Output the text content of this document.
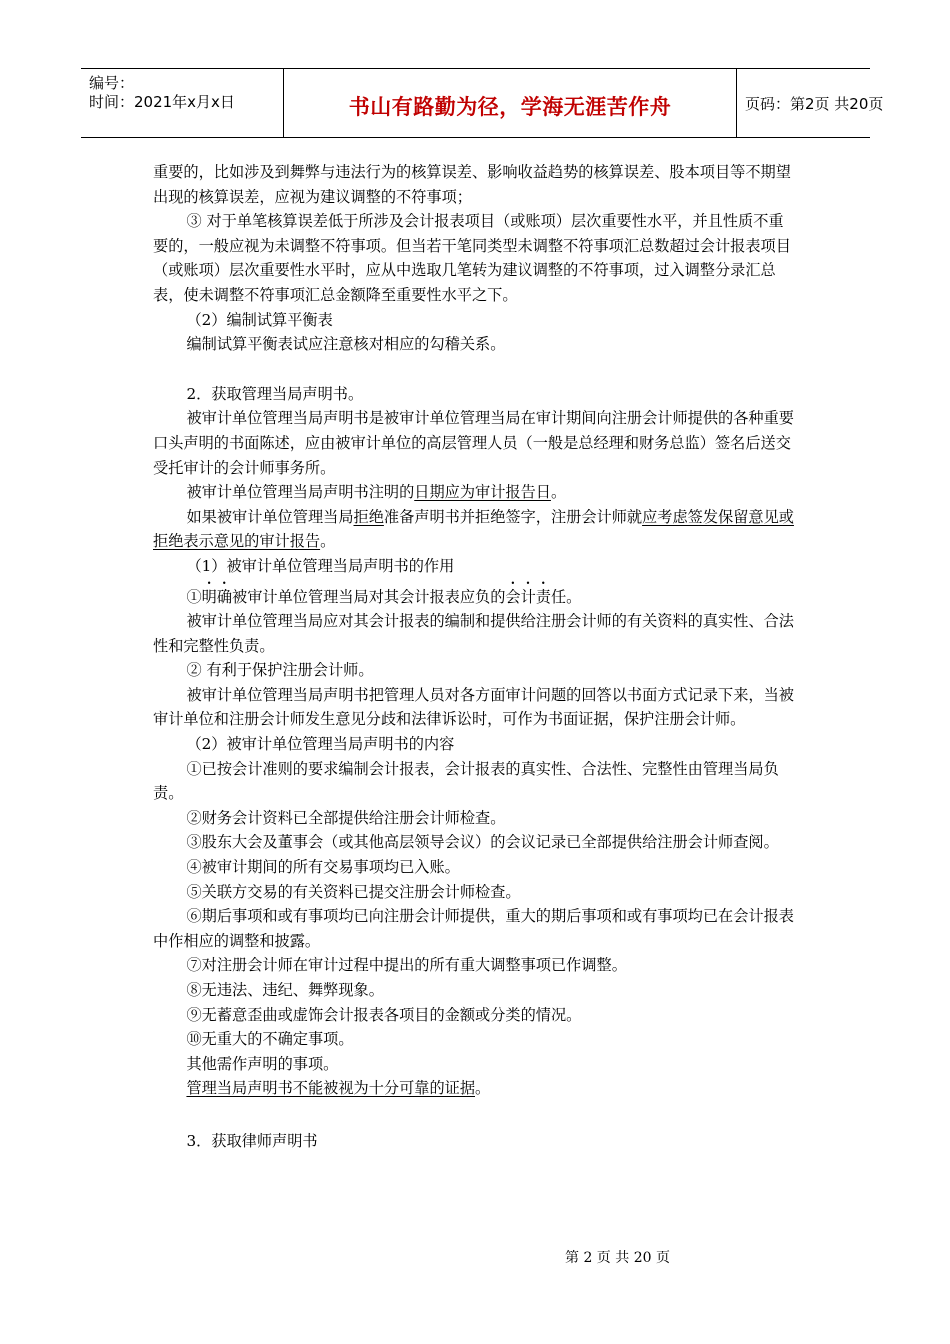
编号：
时间：2021年x月x日	书山有路勤为径，学海无涯苦作舟	页码：第2页 共20页

重要的，比如涉及到舞弊与违法行为的核算误差、影响收益趋势的核算误差、股本项目等不期望出现的核算误差，应视为建议调整的不符事项；

③ 对于单笔核算误差低于所涉及会计报表项目（或账项）层次重要性水平，并且性质不重要的，一般应视为未调整不符事项。但当若干笔同类型未调整不符事项汇总数超过会计报表项目（或账项）层次重要性水平时，应从中选取几笔转为建议调整的不符事项，过入调整分录汇总表，使未调整不符事项汇总金额降至重要性水平之下。

（2）编制试算平衡表

编制试算平衡表试应注意核对相应的勾稽关系。

2．获取管理当局声明书。

被审计单位管理当局声明书是被审计单位管理当局在审计期间向注册会计师提供的各种重要口头声明的书面陈述，应由被审计单位的高层管理人员（一般是总经理和财务总监）签名后送交受托审计的会计师事务所。

被审计单位管理当局声明书注明的日期应为审计报告日。

如果被审计单位管理当局拒绝准备声明书并拒绝签字，注册会计师就应考虑签发保留意见或拒绝表示意见的审计报告。

（1）被审计单位管理当局声明书的作用

①明确被审计单位管理当局对其会计报表应负的会计责任。

被审计单位管理当局应对其会计报表的编制和提供给注册会计师的有关资料的真实性、合法性和完整性负责。

② 有利于保护注册会计师。

被审计单位管理当局声明书把管理人员对各方面审计问题的回答以书面方式记录下来，当被审计单位和注册会计师发生意见分歧和法律诉讼时，可作为书面证据，保护注册会计师。

（2）被审计单位管理当局声明书的内容

①已按会计准则的要求编制会计报表，会计报表的真实性、合法性、完整性由管理当局负责。

②财务会计资料已全部提供给注册会计师检查。

③股东大会及董事会（或其他高层领导会议）的会议记录已全部提供给注册会计师查阅。

④被审计期间的所有交易事项均已入账。

⑤关联方交易的有关资料已提交注册会计师检查。

⑥期后事项和或有事项均已向注册会计师提供，重大的期后事项和或有事项均已在会计报表中作相应的调整和披露。

⑦对注册会计师在审计过程中提出的所有重大调整事项已作调整。

⑧无违法、违纪、舞弊现象。

⑨无蓄意歪曲或虚饰会计报表各项目的金额或分类的情况。

⑩无重大的不确定事项。

其他需作声明的事项。

管理当局声明书不能被视为十分可靠的证据。

3．获取律师声明书

第 2 页 共 20 页
